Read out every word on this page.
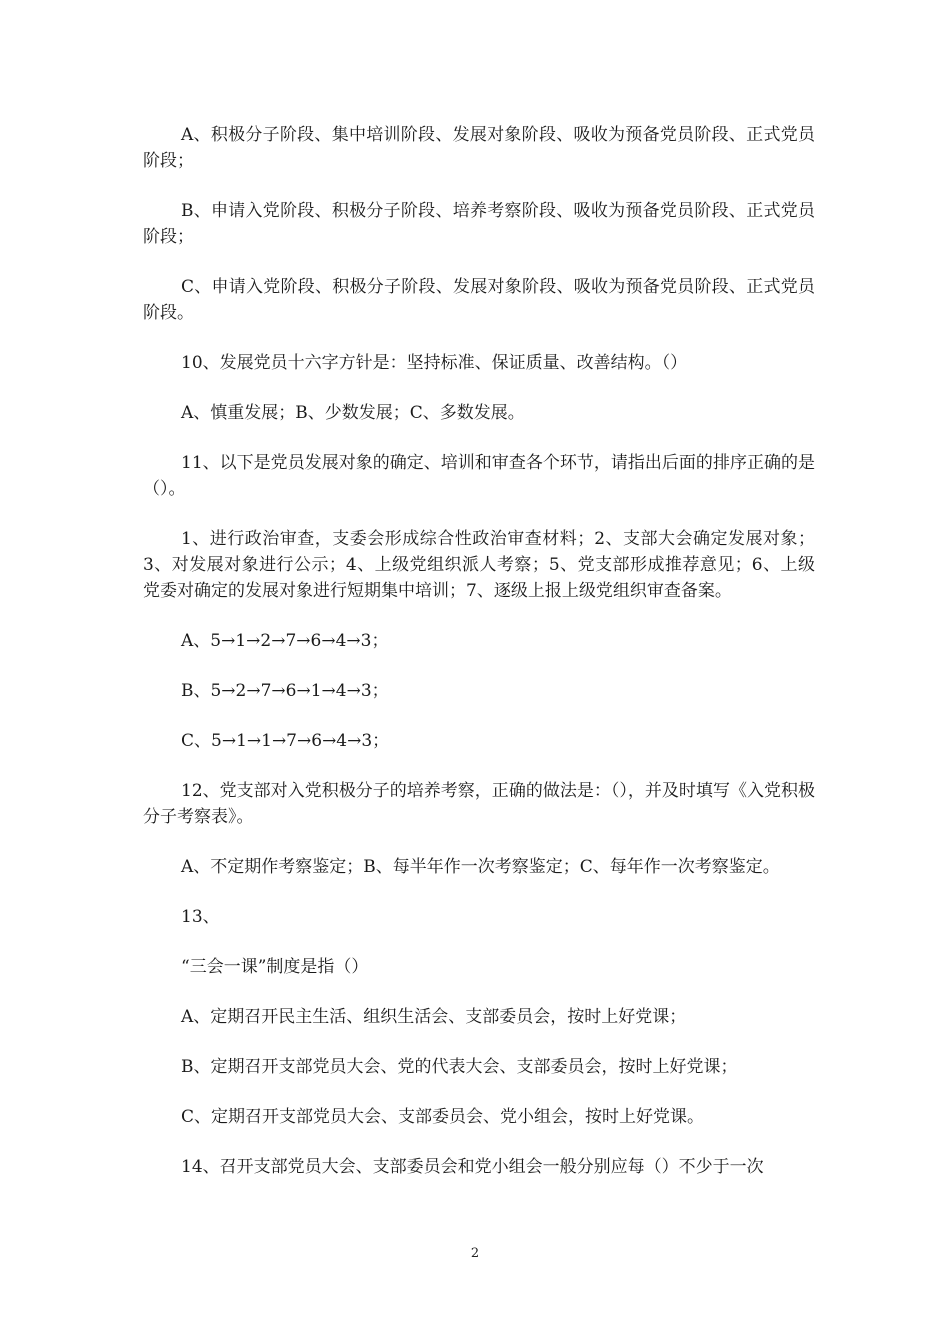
A、积极分子阶段、集中培训阶段、发展对象阶段、吸收为预备党员阶段、正式党员阶段；

B、申请入党阶段、积极分子阶段、培养考察阶段、吸收为预备党员阶段、正式党员阶段；

C、申请入党阶段、积极分子阶段、发展对象阶段、吸收为预备党员阶段、正式党员阶段。

10、发展党员十六字方针是：坚持标准、保证质量、改善结构。（）

A、慎重发展；B、少数发展；C、多数发展。

11、以下是党员发展对象的确定、培训和审查各个环节，请指出后面的排序正确的是（）。

1、进行政治审查，支委会形成综合性政治审查材料；2、支部大会确定发展对象；3、对发展对象进行公示；4、上级党组织派人考察；5、党支部形成推荐意见；6、上级党委对确定的发展对象进行短期集中培训；7、逐级上报上级党组织审查备案。

A、5→1→2→7→6→4→3；

B、5→2→7→6→1→4→3；

C、5→1→1→7→6→4→3；

12、党支部对入党积极分子的培养考察，正确的做法是：（），并及时填写《入党积极分子考察表》。

A、不定期作考察鉴定；B、每半年作一次考察鉴定；C、每年作一次考察鉴定。

13、

“三会一课”制度是指（）

A、定期召开民主生活、组织生活会、支部委员会，按时上好党课；

B、定期召开支部党员大会、党的代表大会、支部委员会，按时上好党课；

C、定期召开支部党员大会、支部委员会、党小组会，按时上好党课。

14、召开支部党员大会、支部委员会和党小组会一般分别应每（）不少于一次

2
